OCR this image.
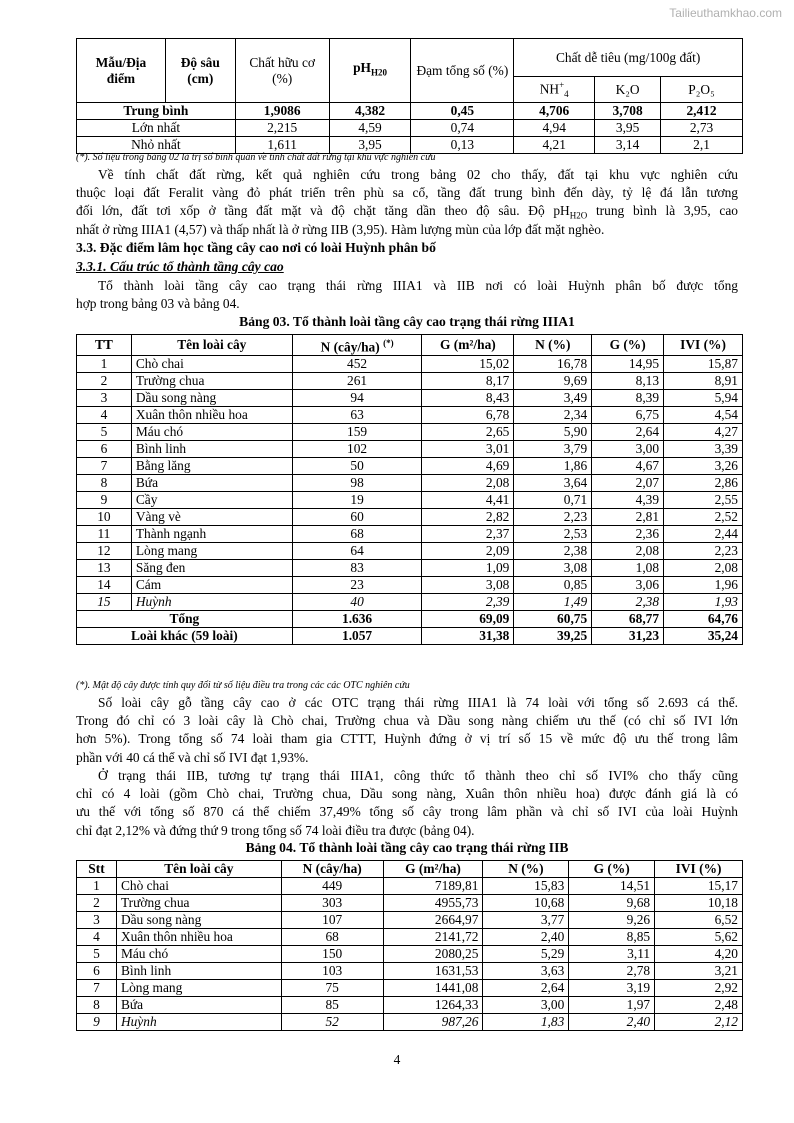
Tailieuthamkhao.com
Mẫu/Địa điểm	Độ sâu (cm)	Chất hữu cơ (%)	$pH_{H20}$	Đạm tổng số (%)	Chất dễ tiêu (mg/100g đất)		
					$NH^+_4$	K₂O	P₂O₅
Trung bình		1,9086	4,382	0,45	4,706	3,708	2,412
Lớn nhất		2,215	4,59	0,74	4,94	3,95	2,73
Nhỏ nhất		1,611	3,95	0,13	4,21	3,14	2,1
(*). Số liệu trong bảng 02 là trị số bình quân về tính chất đất rừng tại khu vực nghiên cứu
Về tính chất đất rừng, kết quả nghiên cứu trong bảng 02 cho thấy, đất tại khu vực nghiên cứu
thuộc loại đất Feralit vàng đỏ phát triển trên phù sa cổ, tầng đất trung bình đến dày, tỷ lệ đá lẫn tương
đối lớn, đất tơi xốp ở tầng đất mặt và độ chặt tăng dần theo độ sâu. Độ $pH_{H2O}$ trung bình là 3,95, cao
nhất ở rừng IIIA1 (4,57) và thấp nhất là ở rừng IIB (3,95). Hàm lượng mùn của lớp đất mặt nghèo.
3.3. Đặc điểm lâm học tầng cây cao nơi có loài Huỳnh phân bố
3.3.1. Cấu trúc tổ thành tầng cây cao
Tổ thành loài tầng cây cao trạng thái rừng IIIA1 và IIB nơi có loài Huỳnh phân bố được tổng
hợp trong bảng 03 và bảng 04.
Bảng 03. Tổ thành loài tầng cây cao trạng thái rừng IIIA1
TT	Tên loài cây	N (cây/ha) (*)	G (m²/ha)	N (%)	G (%)	IVI (%)
1	Chò chai	452	15,02	16,78	14,95	15,87
2	Trường chua	261	8,17	9,69	8,13	8,91
3	Dầu song nàng	94	8,43	3,49	8,39	5,94
4	Xuân thôn nhiều hoa	63	6,78	2,34	6,75	4,54
5	Máu chó	159	2,65	5,90	2,64	4,27
6	Bình linh	102	3,01	3,79	3,00	3,39
7	Bằng lăng	50	4,69	1,86	4,67	3,26
8	Bứa	98	2,08	3,64	2,07	2,86
9	Cầy	19	4,41	0,71	4,39	2,55
10	Vàng vè	60	2,82	2,23	2,81	2,52
11	Thành ngạnh	68	2,37	2,53	2,36	2,44
12	Lòng mang	64	2,09	2,38	2,08	2,23
13	Săng đen	83	1,09	3,08	1,08	2,08
14	Cám	23	3,08	0,85	3,06	1,96
15	Huỳnh	40	2,39	1,49	2,38	1,93
Tổng		1.636	69,09	60,75	68,77	64,76
Loài khác (59 loài)		1.057	31,38	39,25	31,23	35,24
(*). Mật độ cây được tính quy đổi từ số liệu điều tra trong các các OTC nghiên cứu
Số loài cây gỗ tầng cây cao ở các OTC trạng thái rừng IIIA1 là 74 loài với tổng số 2.693 cá thể.
Trong đó chỉ có 3 loài cây là Chò chai, Trường chua và Dầu song nàng chiếm ưu thế (có chỉ số IVI lớn
hơn 5%). Trong tổng số 74 loài tham gia CTTT, Huỳnh đứng ở vị trí số 15 về mức độ ưu thế trong lâm
phần với 40 cá thể và chỉ số IVI đạt 1,93%.
Ở trạng thái IIB, tương tự trạng thái IIIA1, công thức tổ thành theo chỉ số IVI% cho thấy cũng
chỉ có 4 loài (gồm Chò chai, Trường chua, Dầu song nàng, Xuân thôn nhiều hoa) được đánh giá là có
ưu thế với tổng số 870 cá thể chiếm 37,49% tổng số cây trong lâm phần và chỉ số IVI của loài Huỳnh
chỉ đạt 2,12% và đứng thứ 9 trong tổng số 74 loài điều tra được (bảng 04).
Bảng 04. Tổ thành loài tầng cây cao trạng thái rừng IIB
Stt	Tên loài cây	N (cây/ha)	G (m²/ha)	N (%)	G (%)	IVI (%)
1	Chò chai	449	7189,81	15,83	14,51	15,17
2	Trường chua	303	4955,73	10,68	9,68	10,18
3	Dầu song nàng	107	2664,97	3,77	9,26	6,52
4	Xuân thôn nhiều hoa	68	2141,72	2,40	8,85	5,62
5	Máu chó	150	2080,25	5,29	3,11	4,20
6	Bình linh	103	1631,53	3,63	2,78	3,21
7	Lòng mang	75	1441,08	2,64	3,19	2,92
8	Bứa	85	1264,33	3,00	1,97	2,48
9	Huỳnh	52	987,26	1,83	2,40	2,12
4
